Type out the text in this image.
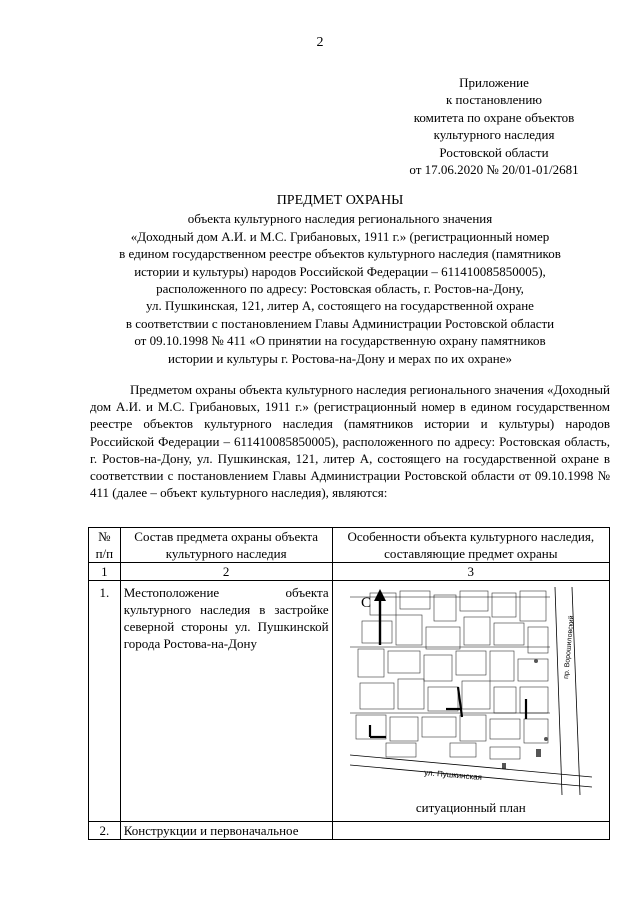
2
Приложение
к постановлению
комитета по охране объектов
культурного наследия
Ростовской области
от 17.06.2020 № 20/01-01/2681
ПРЕДМЕТ ОХРАНЫ
объекта культурного наследия регионального значения
«Доходный дом А.И. и М.С. Грибановых, 1911 г.» (регистрационный номер
в едином государственном реестре объектов культурного наследия (памятников
истории и культуры) народов Российской Федерации – 611410085850005),
расположенного по адресу: Ростовская область, г. Ростов-на-Дону,
ул. Пушкинская, 121, литер А, состоящего на государственной охране
в соответствии с постановлением Главы Администрации Ростовской области
от 09.10.1998 № 411 «О принятии на государственную охрану памятников
истории и культуры г. Ростова-на-Дону и мерах по их охране»
Предметом охраны объекта культурного наследия регионального значения «Доходный дом А.И. и М.С. Грибановых, 1911 г.» (регистрационный номер в едином государственном реестре объектов культурного наследия (памятников истории и культуры) народов Российской Федерации – 611410085850005), расположенного по адресу: Ростовская область, г. Ростов-на-Дону, ул. Пушкинская, 121, литер А, состоящего на государственной охране в соответствии с постановлением Главы Администрации Ростовской области от 09.10.1998 № 411 (далее – объект культурного наследия), являются:
№ п/п	Состав предмета охраны объекта культурного наследия	Особенности объекта культурного наследия, составляющие предмет охраны
1	2	3
1.	Местоположение объекта культурного наследия в застройке северной стороны ул. Пушкинской города Ростова-на-Дону	С
ул. Пушкинская
пр. Ворошиловский
ситуационный план

2.	Конструкции и первоначальное	
